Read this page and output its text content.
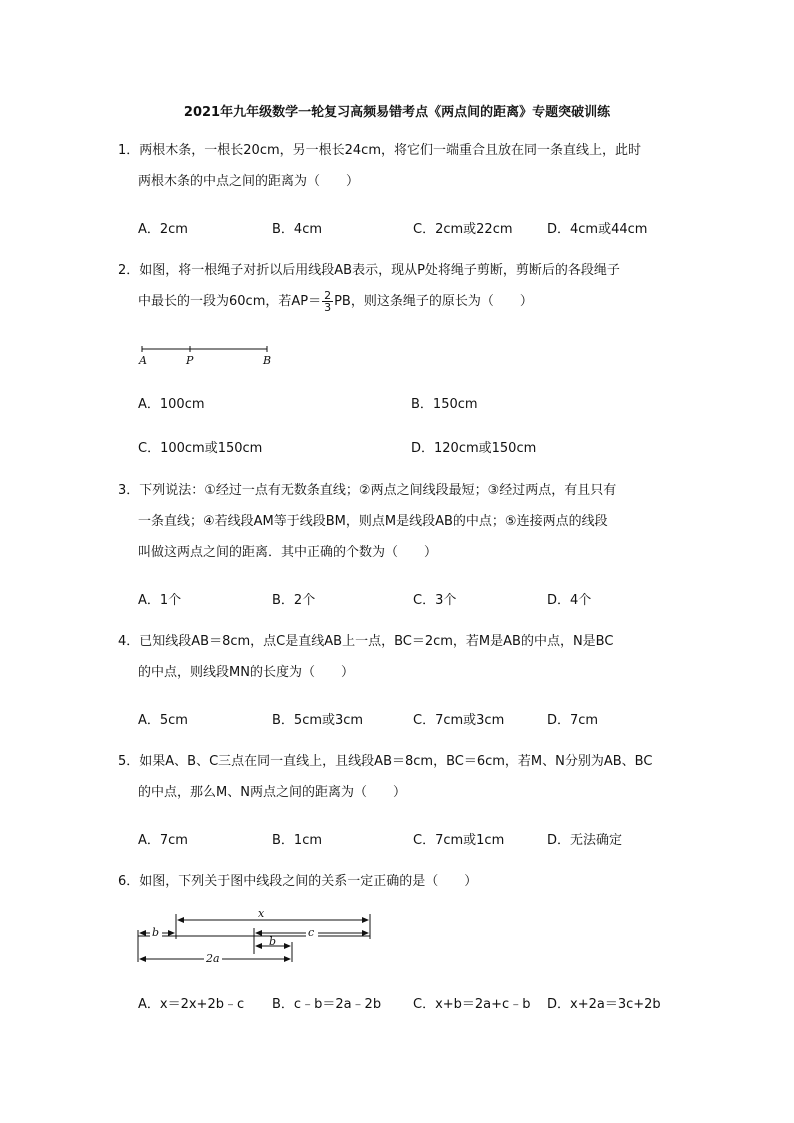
2021年九年级数学一轮复习高频易错考点《两点间的距离》专题突破训练
1．两根木条，一根长20cm，另一根长24cm，将它们一端重合且放在同一条直线上，此时
两根木条的中点之间的距离为（　　）
A．2cm	B．4cm	C．2cm或22cm	D．4cm或44cm
2．如图，将一根绳子对折以后用线段AB表示，现从P处将绳子剪断，剪断后的各段绳子
中最长的一段为60cm，若$AP= \frac{2}{3}$ PB，则这条绳子的原长为（　　）
A	P	B
A．100cm	B．150cm
C．100cm或150cm	D．120cm或150cm
3．下列说法：①经过一点有无数条直线；②两点之间线段最短；③经过两点，有且只有
一条直线；④若线段AM等于线段BM，则点M是线段AB的中点；⑤连接两点的线段
叫做这两点之间的距离．其中正确的个数为（　　）
A．1个	B．2个	C．3个	D．4个
4．已知线段AB＝8cm，点C是直线AB上一点，BC＝2cm，若M是AB的中点，N是BC
的中点，则线段MN的长度为（　　）
A．5cm	B．5cm或3cm	C．7cm或3cm	D．7cm
5．如果A、B、C三点在同一直线上，且线段AB＝8cm，BC＝6cm，若M、N分别为AB、BC
的中点，那么M、N两点之间的距离为（　　）
A．7cm	B．1cm	C．7cm或1cm	D．无法确定
6．如图，下列关于图中线段之间的关系一定正确的是（　　）
x
b	c
b
2a
A．x＝2x+2b﹣c B．c﹣b＝2a﹣2b C．x+b＝2a+c﹣b D．x+2a＝3c+2b
